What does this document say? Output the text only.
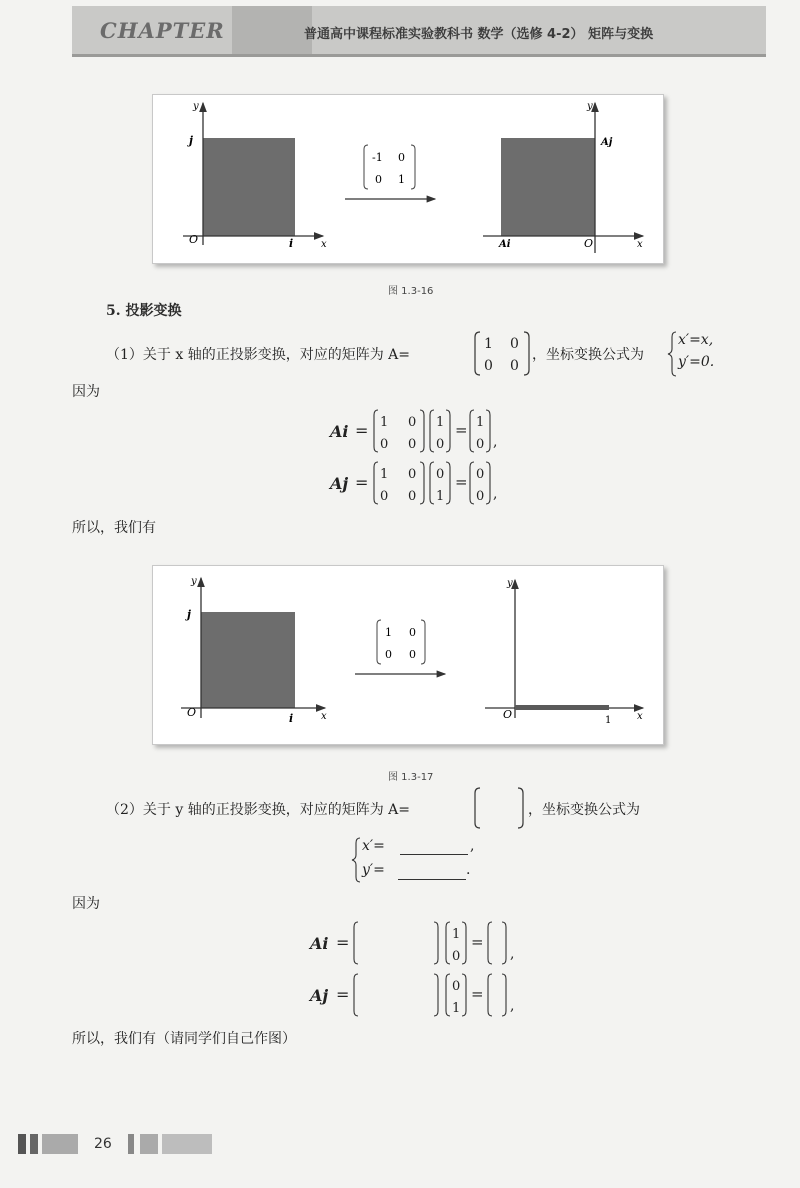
CHAPTER	普通高中课程标准实验教科书 数学（选修 4-2） 矩阵与变换
y
j
O	i	x
-1 0
0 1
y
Aj
Ai	O	x
图 1.3-16
5. 投影变换
（1）关于 x 轴的正投影变换，对应的矩阵为 A=
1 0
0 0
，坐标变换公式为
x′=x,
y′=0.
因为
Ai = 1 0
0 0
1
0
= 1
0 ,
Aj = 1 0
0 0
0
1
= 0
0 ,
所以，我们有
y
j
O	i	x
1 0
0 0
y
O	1	x
图 1.3-17
（2）关于 y 轴的正投影变换，对应的矩阵为 A=	，坐标变换公式为
x′=	,
y′=	.
因为
Ai =	1
0
=
,
Aj =	0
1
=
,
所以，我们有（请同学们自己作图）
26
